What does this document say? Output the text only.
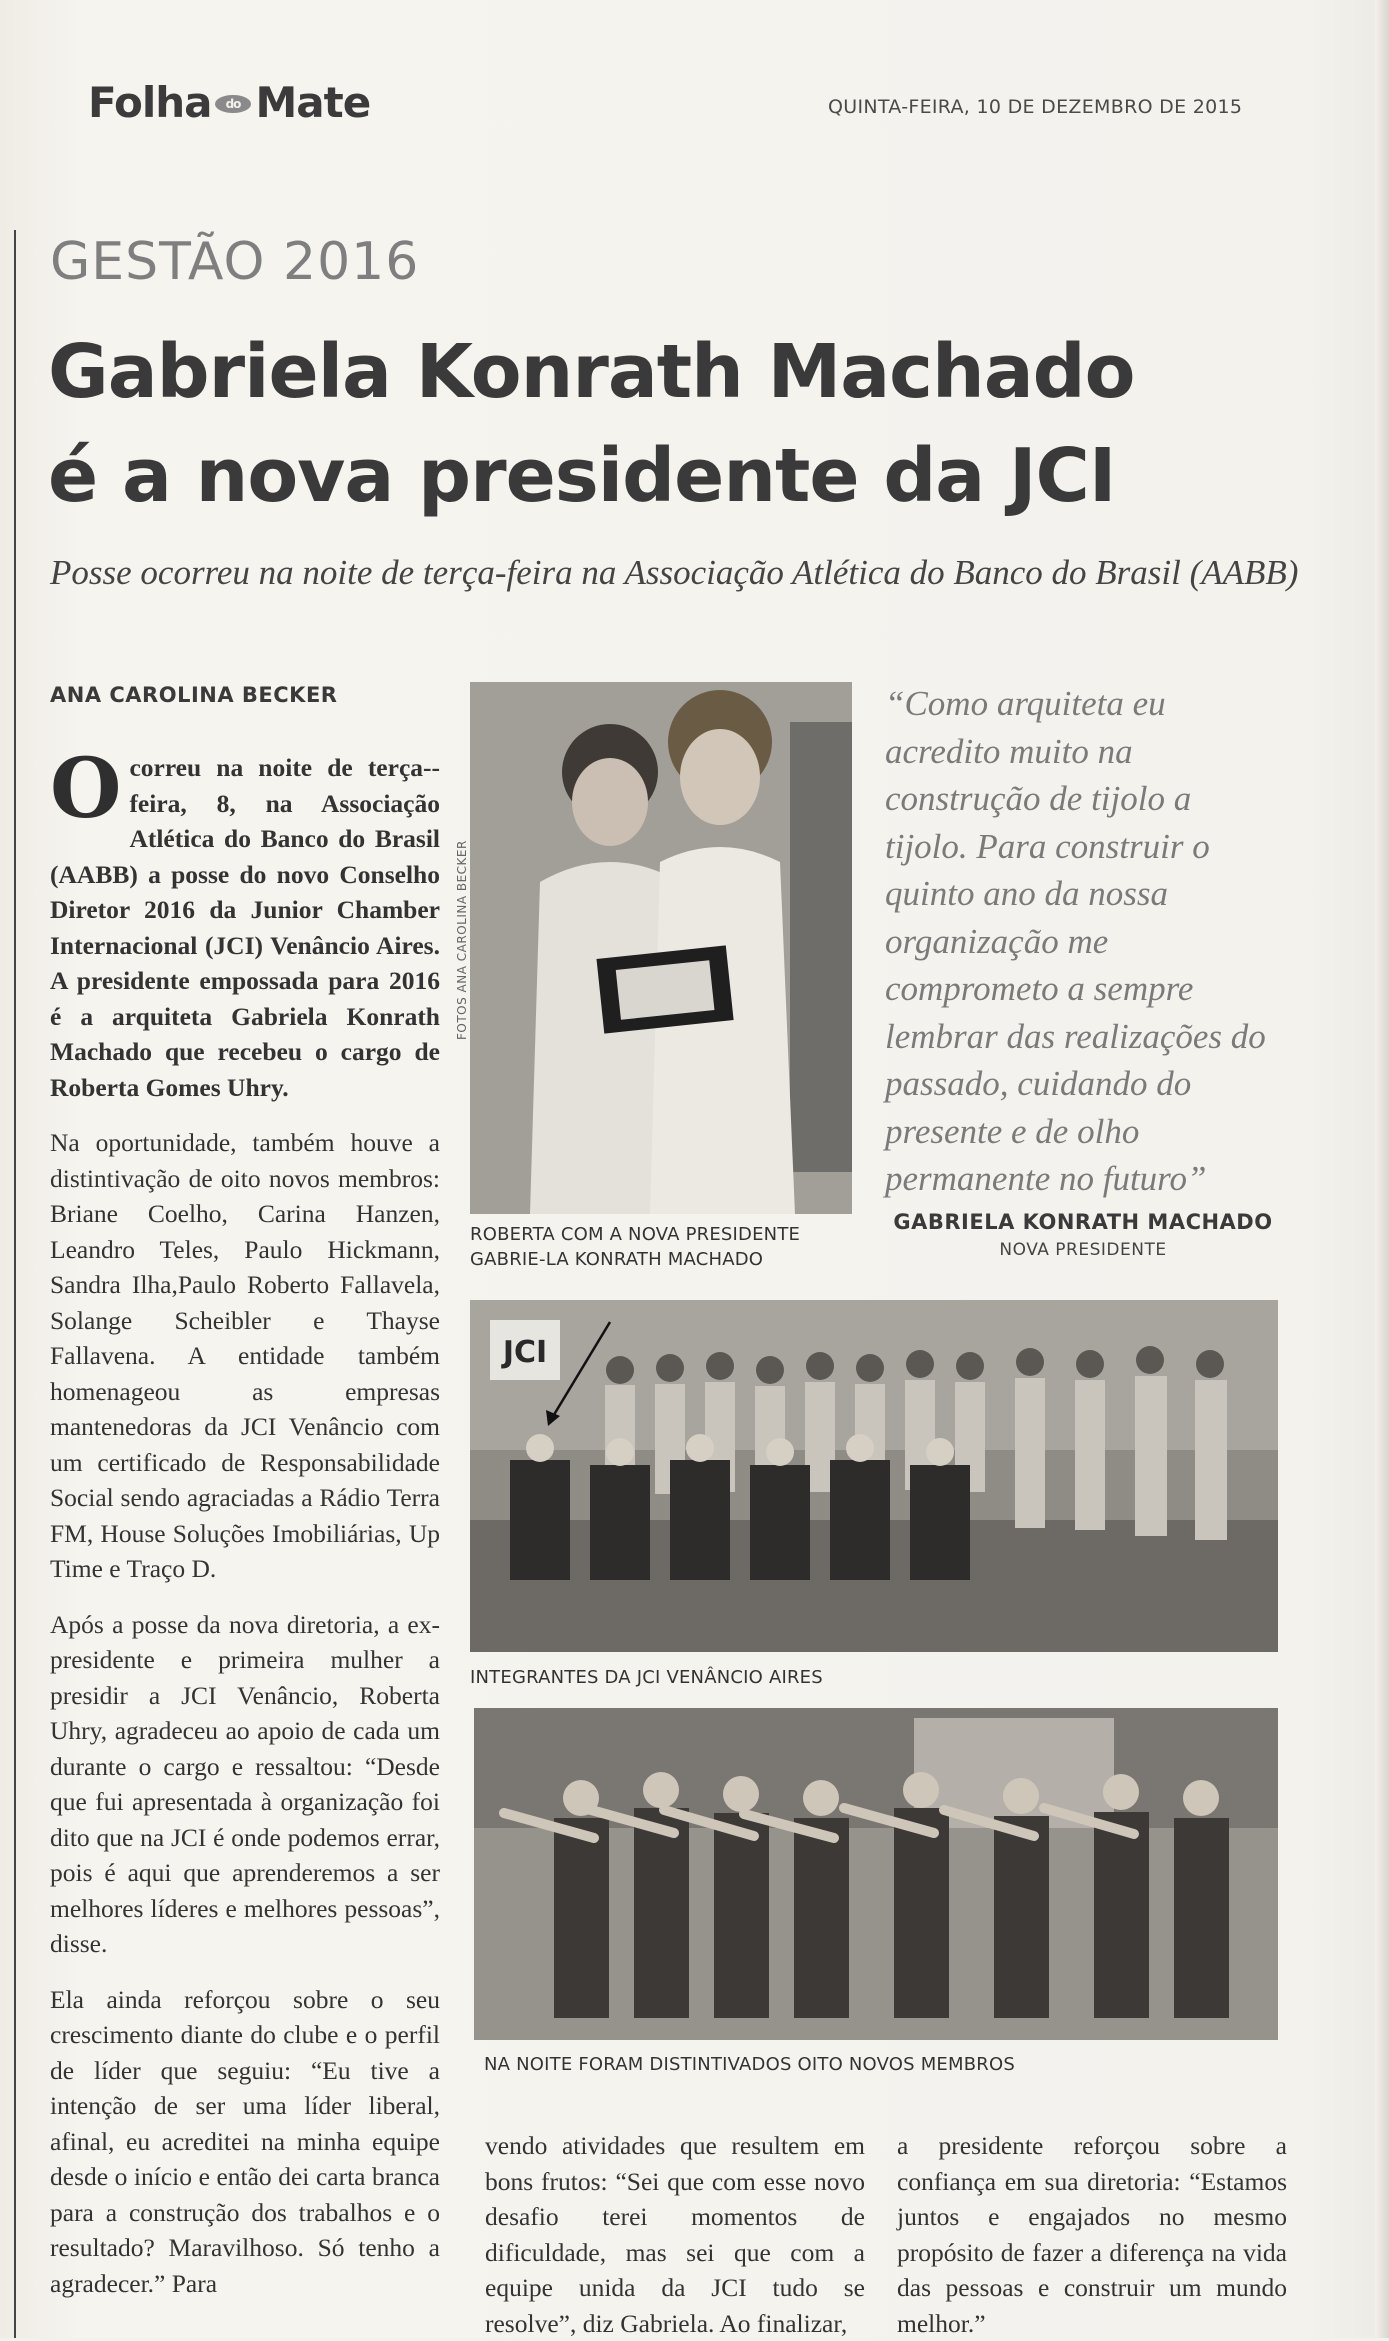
Folha do Mate	QUINTA-FEIRA, 10 DE DEZEMBRO DE 2015
GESTÃO 2016
Gabriela Konrath Machado
é a nova presidente da JCI
Posse ocorreu na noite de terça-feira na Associação Atlética do Banco do Brasil (AABB)
ANA CAROLINA BECKER

Ocorreu na noite de terça--feira, 8, na Associação Atlética do Banco do Brasil (AABB) a posse do novo Conselho Diretor 2016 da Junior Chamber Internacional (JCI) Venâncio Aires. A presidente empossada para 2016 é a arquiteta Gabriela Konrath Machado que recebeu o cargo de Roberta Gomes Uhry.

Na oportunidade, também houve a distintivação de oito novos membros: Briane Coelho, Carina Hanzen, Leandro Teles, Paulo Hickmann, Sandra Ilha,Paulo Roberto Fallavela, Solange Scheibler e Thayse Fallavena. A entidade também homenageou as empresas mantenedoras da JCI Venâncio com um certificado de Responsabilidade Social sendo agraciadas a Rádio Terra FM, House Soluções Imobiliárias, Up Time e Traço D.

Após a posse da nova diretoria, a ex-presidente e primeira mulher a presidir a JCI Venâncio, Roberta Uhry, agradeceu ao apoio de cada um durante o cargo e ressaltou: “Desde que fui apresentada à organização foi dito que na JCI é onde podemos errar, pois é aqui que aprenderemos a ser melhores líderes e melhores pessoas”, disse.

Ela ainda reforçou sobre o seu crescimento diante do clube e o perfil de líder que seguiu: “Eu tive a intenção de ser uma líder liberal, afinal, eu acreditei na minha equipe desde o início e então dei carta branca para a construção dos trabalhos e o resultado? Maravilhoso. Só tenho a agradecer.” Para

FOTOS ANA CAROLINA BECKER
ROBERTA COM A NOVA PRESIDENTE GABRIE-LA KONRATH MACHADO
“Como arquiteta eu acredito muito na construção de tijolo a tijolo. Para construir o quinto ano da nossa organização me comprometo a sempre lembrar das realizações do passado, cuidando do presente e de olho permanente no futuro”
GABRIELA KONRATH MACHADO
NOVA PRESIDENTE
JCI
INTEGRANTES DA JCI VENÂNCIO AIRES
NA NOITE FORAM DISTINTIVADOS OITO NOVOS MEMBROS

vendo atividades que resultem em bons frutos: “Sei que com esse novo desafio terei momentos de dificuldade, mas sei que com a equipe unida da JCI tudo se resolve”, diz Gabriela. Ao finalizar,

a presidente reforçou sobre a confiança em sua diretoria: “Estamos juntos e engajados no mesmo propósito de fazer a diferença na vida das pessoas e construir um mundo melhor.”
